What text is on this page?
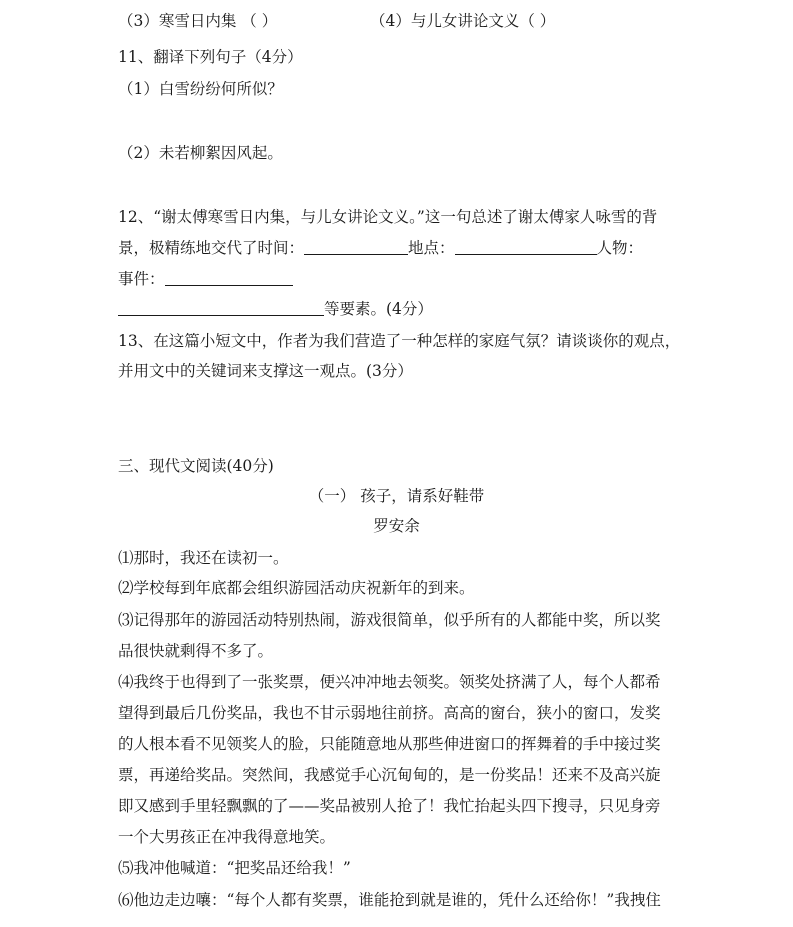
（3）寒雪日内集 （ ）	（4）与儿女讲论文义（ ）
11、翻译下列句子（4分）
（1）白雪纷纷何所似？
（2）未若柳絮因风起。
12、“谢太傅寒雪日内集，与儿女讲论文义。”这一句总述了谢太傅家人咏雪的背
景，极精练地交代了时间：	地点：	人物：
事件：
等要素。(4分）
13、在这篇小短文中，作者为我们营造了一种怎样的家庭气氛？请谈谈你的观点，
并用文中的关键词来支撑这一观点。(3分）
三、现代文阅读(40分)
（一） 孩子，请系好鞋带
罗安余
⑴那时，我还在读初一。
⑵学校每到年底都会组织游园活动庆祝新年的到来。
⑶记得那年的游园活动特别热闹，游戏很简单，似乎所有的人都能中奖，所以奖
品很快就剩得不多了。
⑷我终于也得到了一张奖票，便兴冲冲地去领奖。领奖处挤满了人，每个人都希
望得到最后几份奖品，我也不甘示弱地往前挤。高高的窗台，狭小的窗口，发奖
的人根本看不见领奖人的脸，只能随意地从那些伸进窗口的挥舞着的手中接过奖
票，再递给奖品。突然间，我感觉手心沉甸甸的，是一份奖品！还来不及高兴旋
即又感到手里轻飘飘的了——奖品被别人抢了！我忙抬起头四下搜寻，只见身旁
一个大男孩正在冲我得意地笑。
⑸我冲他喊道：“把奖品还给我！”
⑹他边走边嚷：“每个人都有奖票，谁能抢到就是谁的，凭什么还给你！”我拽住
